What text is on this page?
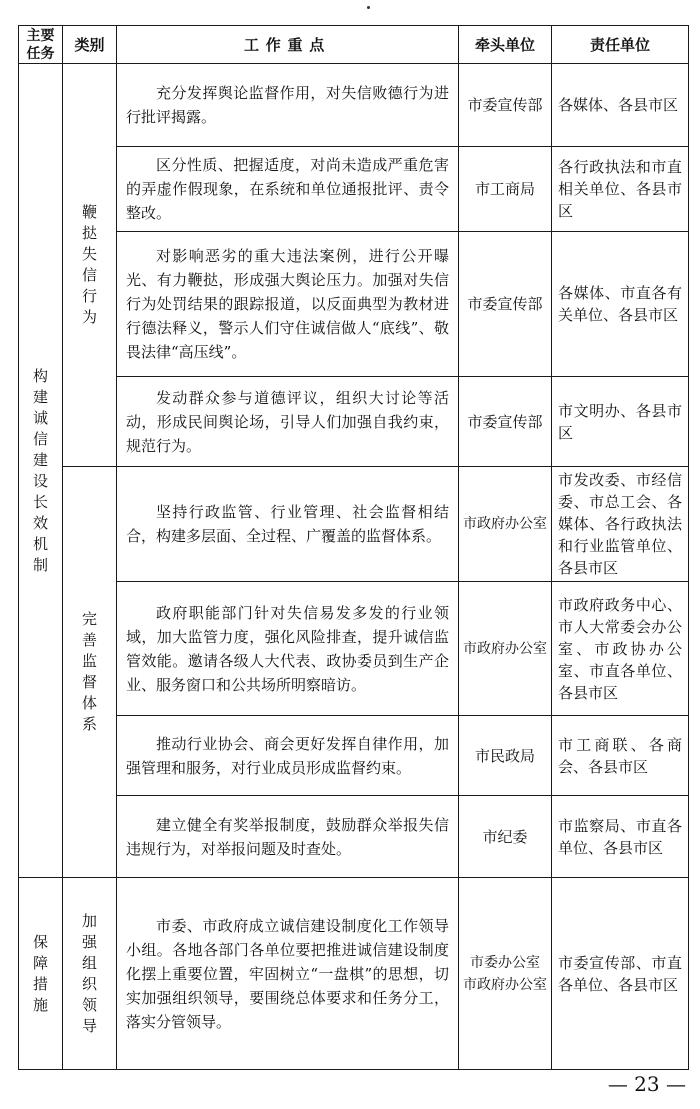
主要任务	类别	工作重点	牵头单位	责任单位

构建诚信建设长效机制	鞭挞失信行为	充分发挥舆论监督作用，对失信败德行为进行批评揭露。	市委宣传部	各媒体、各县市区

		区分性质、把握适度，对尚未造成严重危害的弄虚作假现象，在系统和单位通报批评、责令整改。	市工商局	各行政执法和市直相关单位、各县市区

		对影响恶劣的重大违法案例，进行公开曝光、有力鞭挞，形成强大舆论压力。加强对失信行为处罚结果的跟踪报道，以反面典型为教材进行德法释义，警示人们守住诚信做人“底线”、敬畏法律“高压线”。	市委宣传部	各媒体、市直各有关单位、各县市区

		发动群众参与道德评议，组织大讨论等活动，形成民间舆论场，引导人们加强自我约束，规范行为。	市委宣传部	市文明办、各县市区

	完善监督体系	坚持行政监管、行业管理、社会监督相结合，构建多层面、全过程、广覆盖的监督体系。	市政府办公室	市发改委、市经信委、市总工会、各媒体、各行政执法和行业监管单位、各县市区

		政府职能部门针对失信易发多发的行业领域，加大监管力度，强化风险排查，提升诚信监管效能。邀请各级人大代表、政协委员到生产企业、服务窗口和公共场所明察暗访。	市政府办公室	市政府政务中心、市人大常委会办公室、市政协办公室、市直各单位、各县市区

		推动行业协会、商会更好发挥自律作用，加强管理和服务，对行业成员形成监督约束。	市民政局	市工商联、各商会、各县市区

		建立健全有奖举报制度，鼓励群众举报失信违规行为，对举报问题及时查处。	市纪委	市监察局、市直各单位、各县市区

保障措施	加强组织领导	市委、市政府成立诚信建设制度化工作领导小组。各地各部门各单位要把推进诚信建设制度化摆上重要位置，牢固树立“一盘棋”的思想，切实加强组织领导，要围绕总体要求和任务分工，落实分管领导。	市委办公室 市政府办公室	市委宣传部、市直各单位、各县市区
— 23 —
